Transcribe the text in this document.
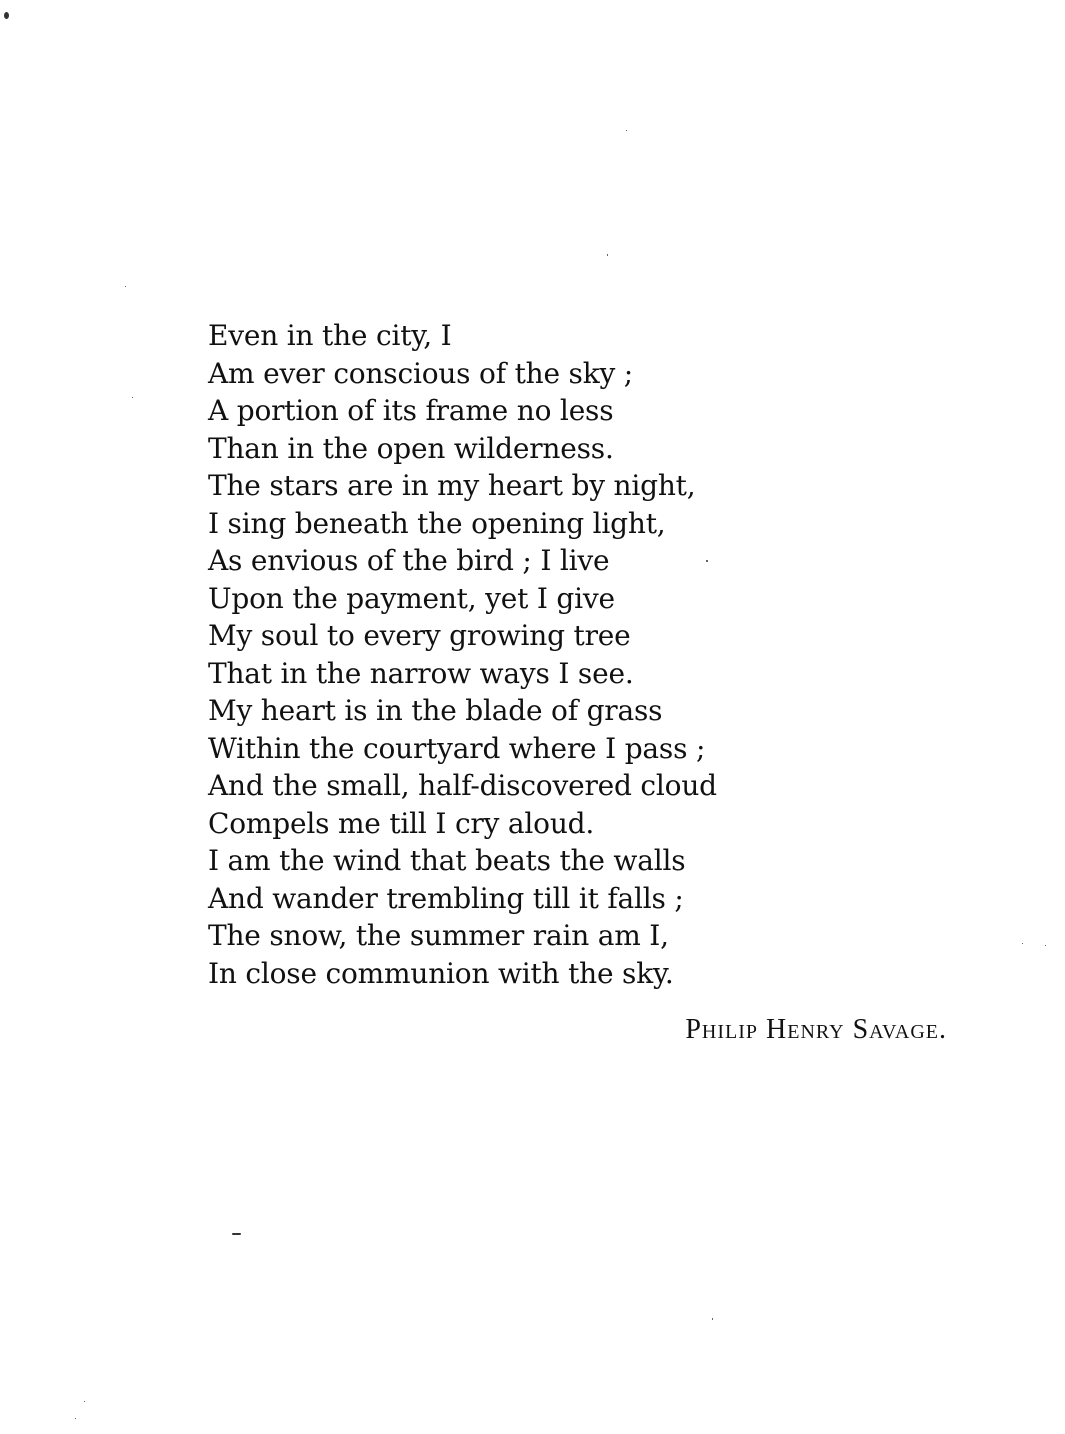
Even in the city, I
Am ever conscious of the sky ;
A portion of its frame no less
Than in the open wilderness.
The stars are in my heart by night,
I sing beneath the opening light,
As envious of the bird ; I live
Upon the payment, yet I give
My soul to every growing tree
That in the narrow ways I see.
My heart is in the blade of grass
Within the courtyard where I pass ;
And the small, half-discovered cloud
Compels me till I cry aloud.
I am the wind that beats the walls
And wander trembling till it falls ;
The snow, the summer rain am I,
In close communion with the sky.
Philip Henry Savage.
